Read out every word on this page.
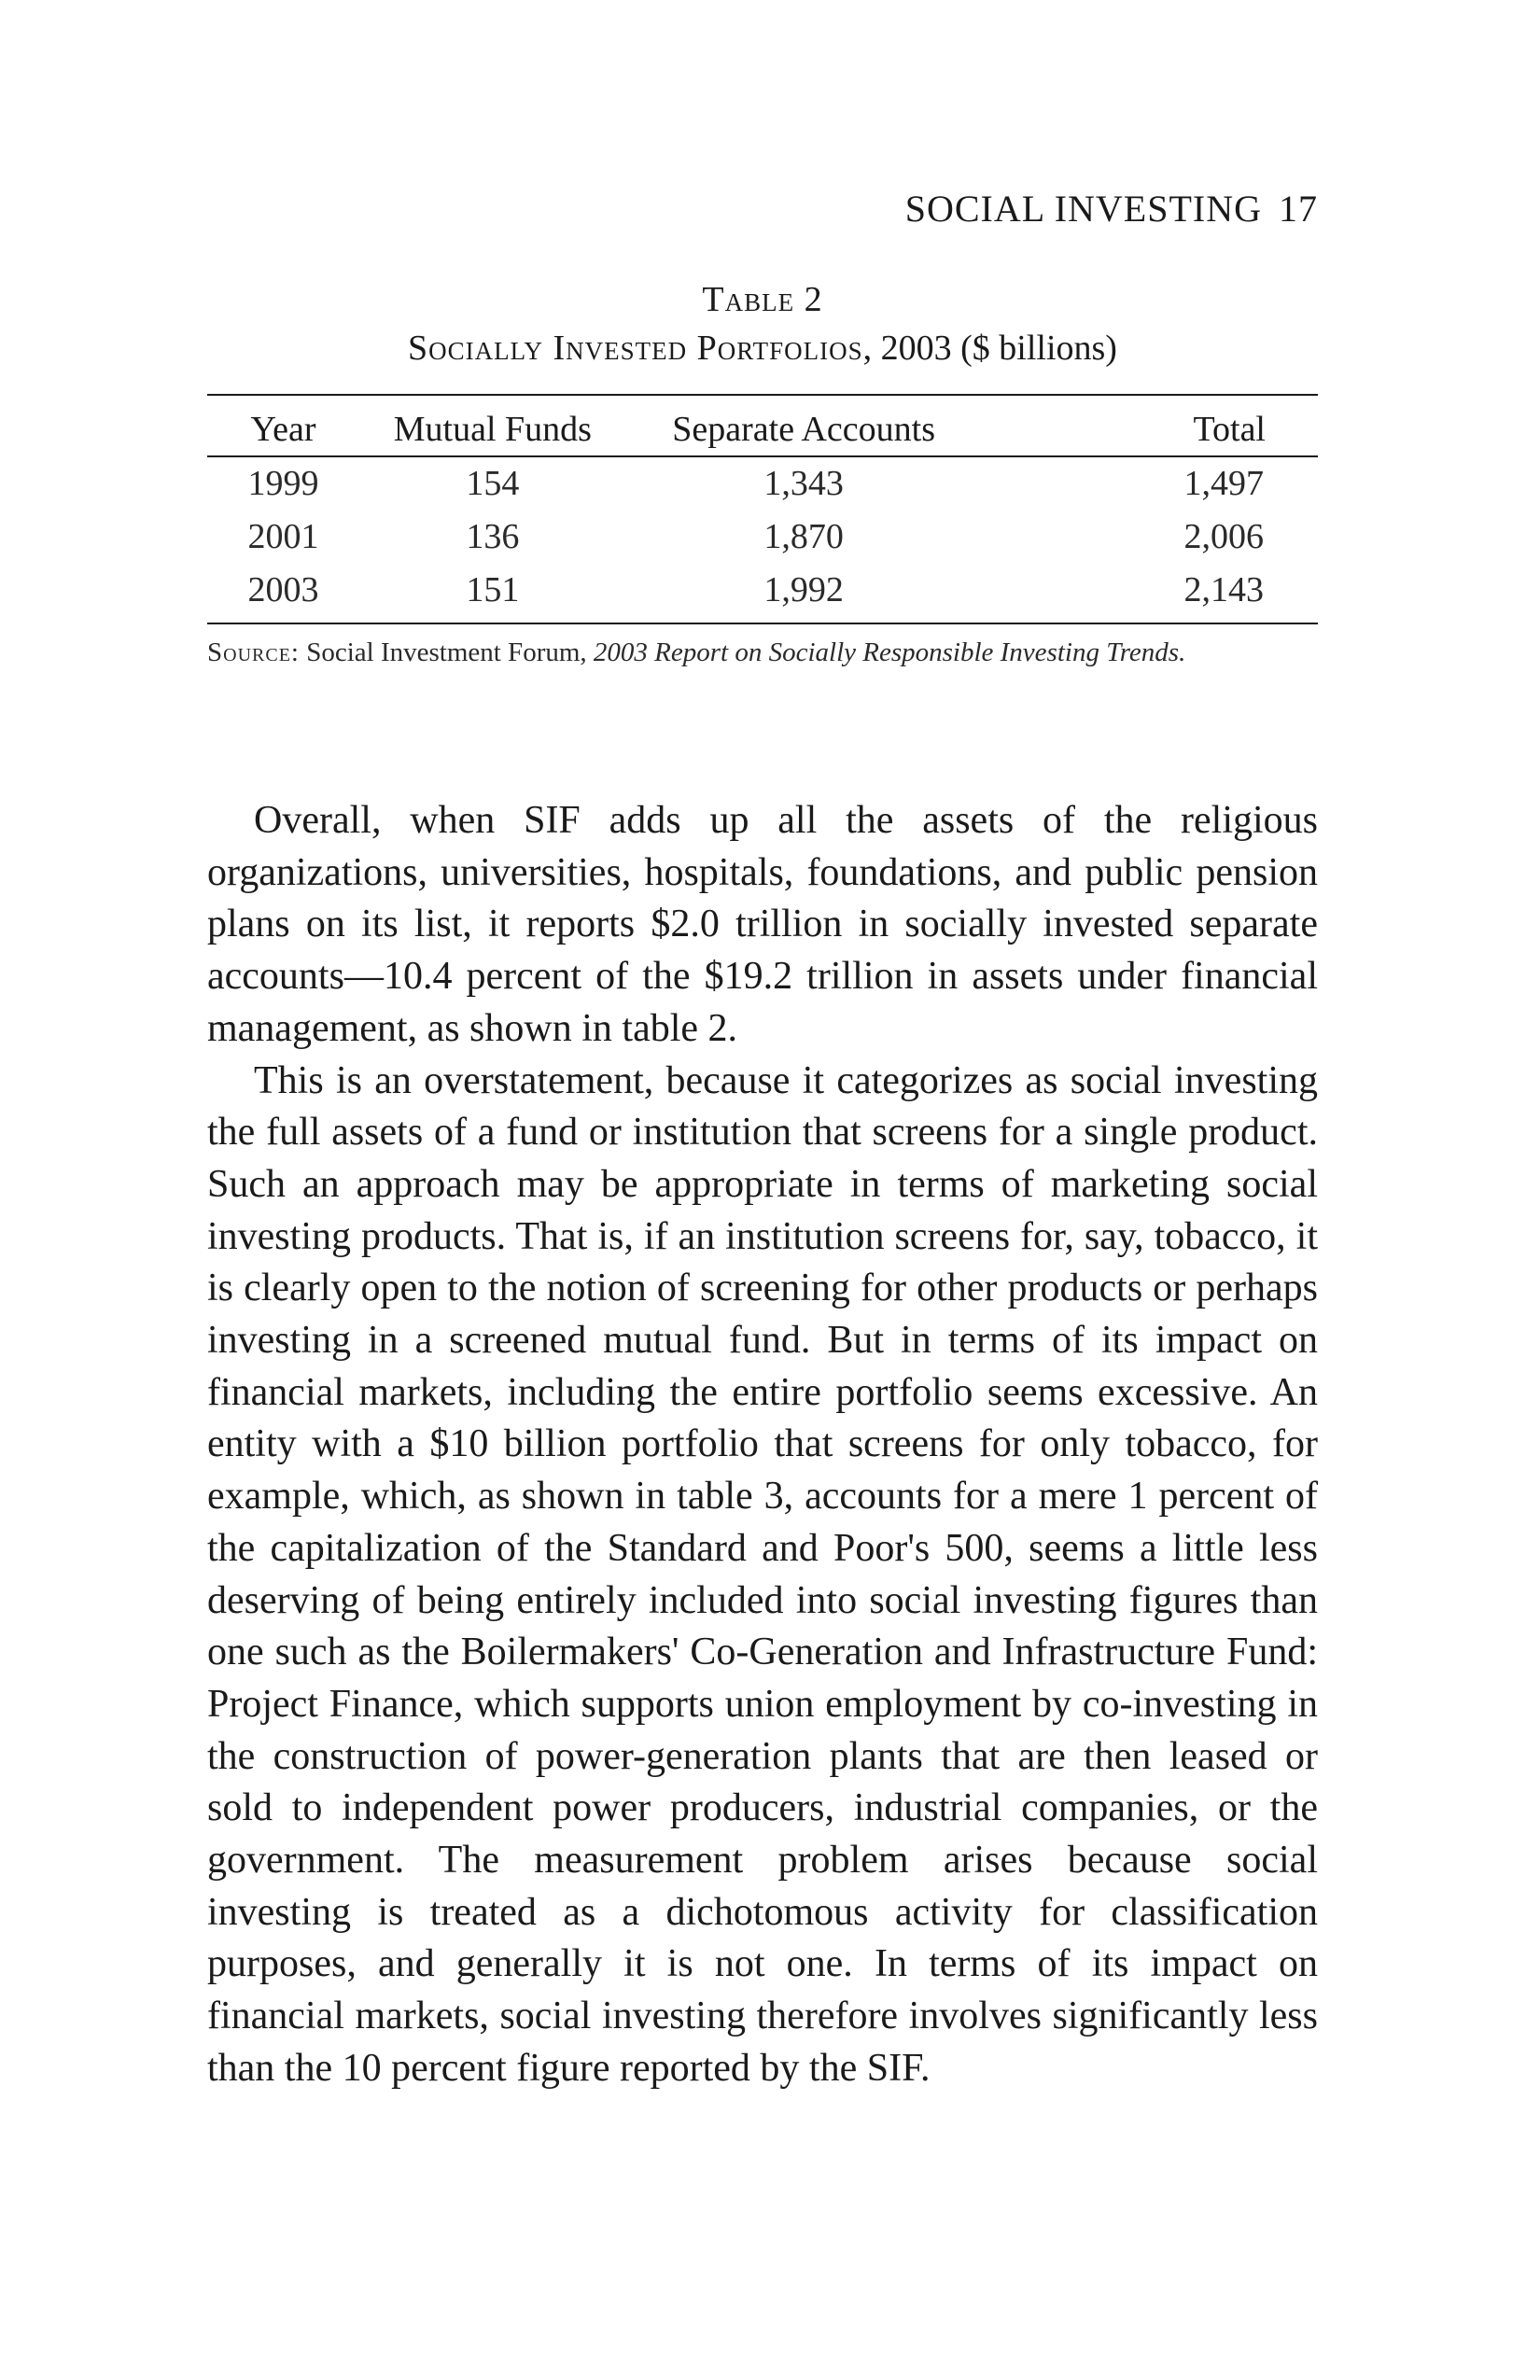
SOCIAL INVESTING 17
Table 2
Socially Invested Portfolios, 2003 ($ billions)
Year	Mutual Funds	Separate Accounts	Total
1999	154	1,343	1,497
2001	136	1,870	2,006
2003	151	1,992	2,143
Source: Social Investment Forum, 2003 Report on Socially Responsible Investing Trends.

Overall, when SIF adds up all the assets of the religious organizations, universities, hospitals, foundations, and public pension plans on its list, it reports $2.0 trillion in socially invested separate accounts—10.4 percent of the $19.2 trillion in assets under financial management, as shown in table 2.

This is an overstatement, because it categorizes as social investing the full assets of a fund or institution that screens for a single product. Such an approach may be appropriate in terms of marketing social investing products. That is, if an institution screens for, say, tobacco, it is clearly open to the notion of screening for other products or perhaps investing in a screened mutual fund. But in terms of its impact on financial markets, including the entire portfolio seems excessive. An entity with a $10 billion portfolio that screens for only tobacco, for example, which, as shown in table 3, accounts for a mere 1 percent of the capitalization of the Standard and Poor's 500, seems a little less deserving of being entirely included into social investing figures than one such as the Boilermakers' Co-Generation and Infrastructure Fund: Project Finance, which supports union employment by co-investing in the construction of power-generation plants that are then leased or sold to independent power producers, industrial companies, or the government. The measurement problem arises because social investing is treated as a dichotomous activity for classification purposes, and generally it is not one. In terms of its impact on financial markets, social investing therefore involves significantly less than the 10 percent figure reported by the SIF.
